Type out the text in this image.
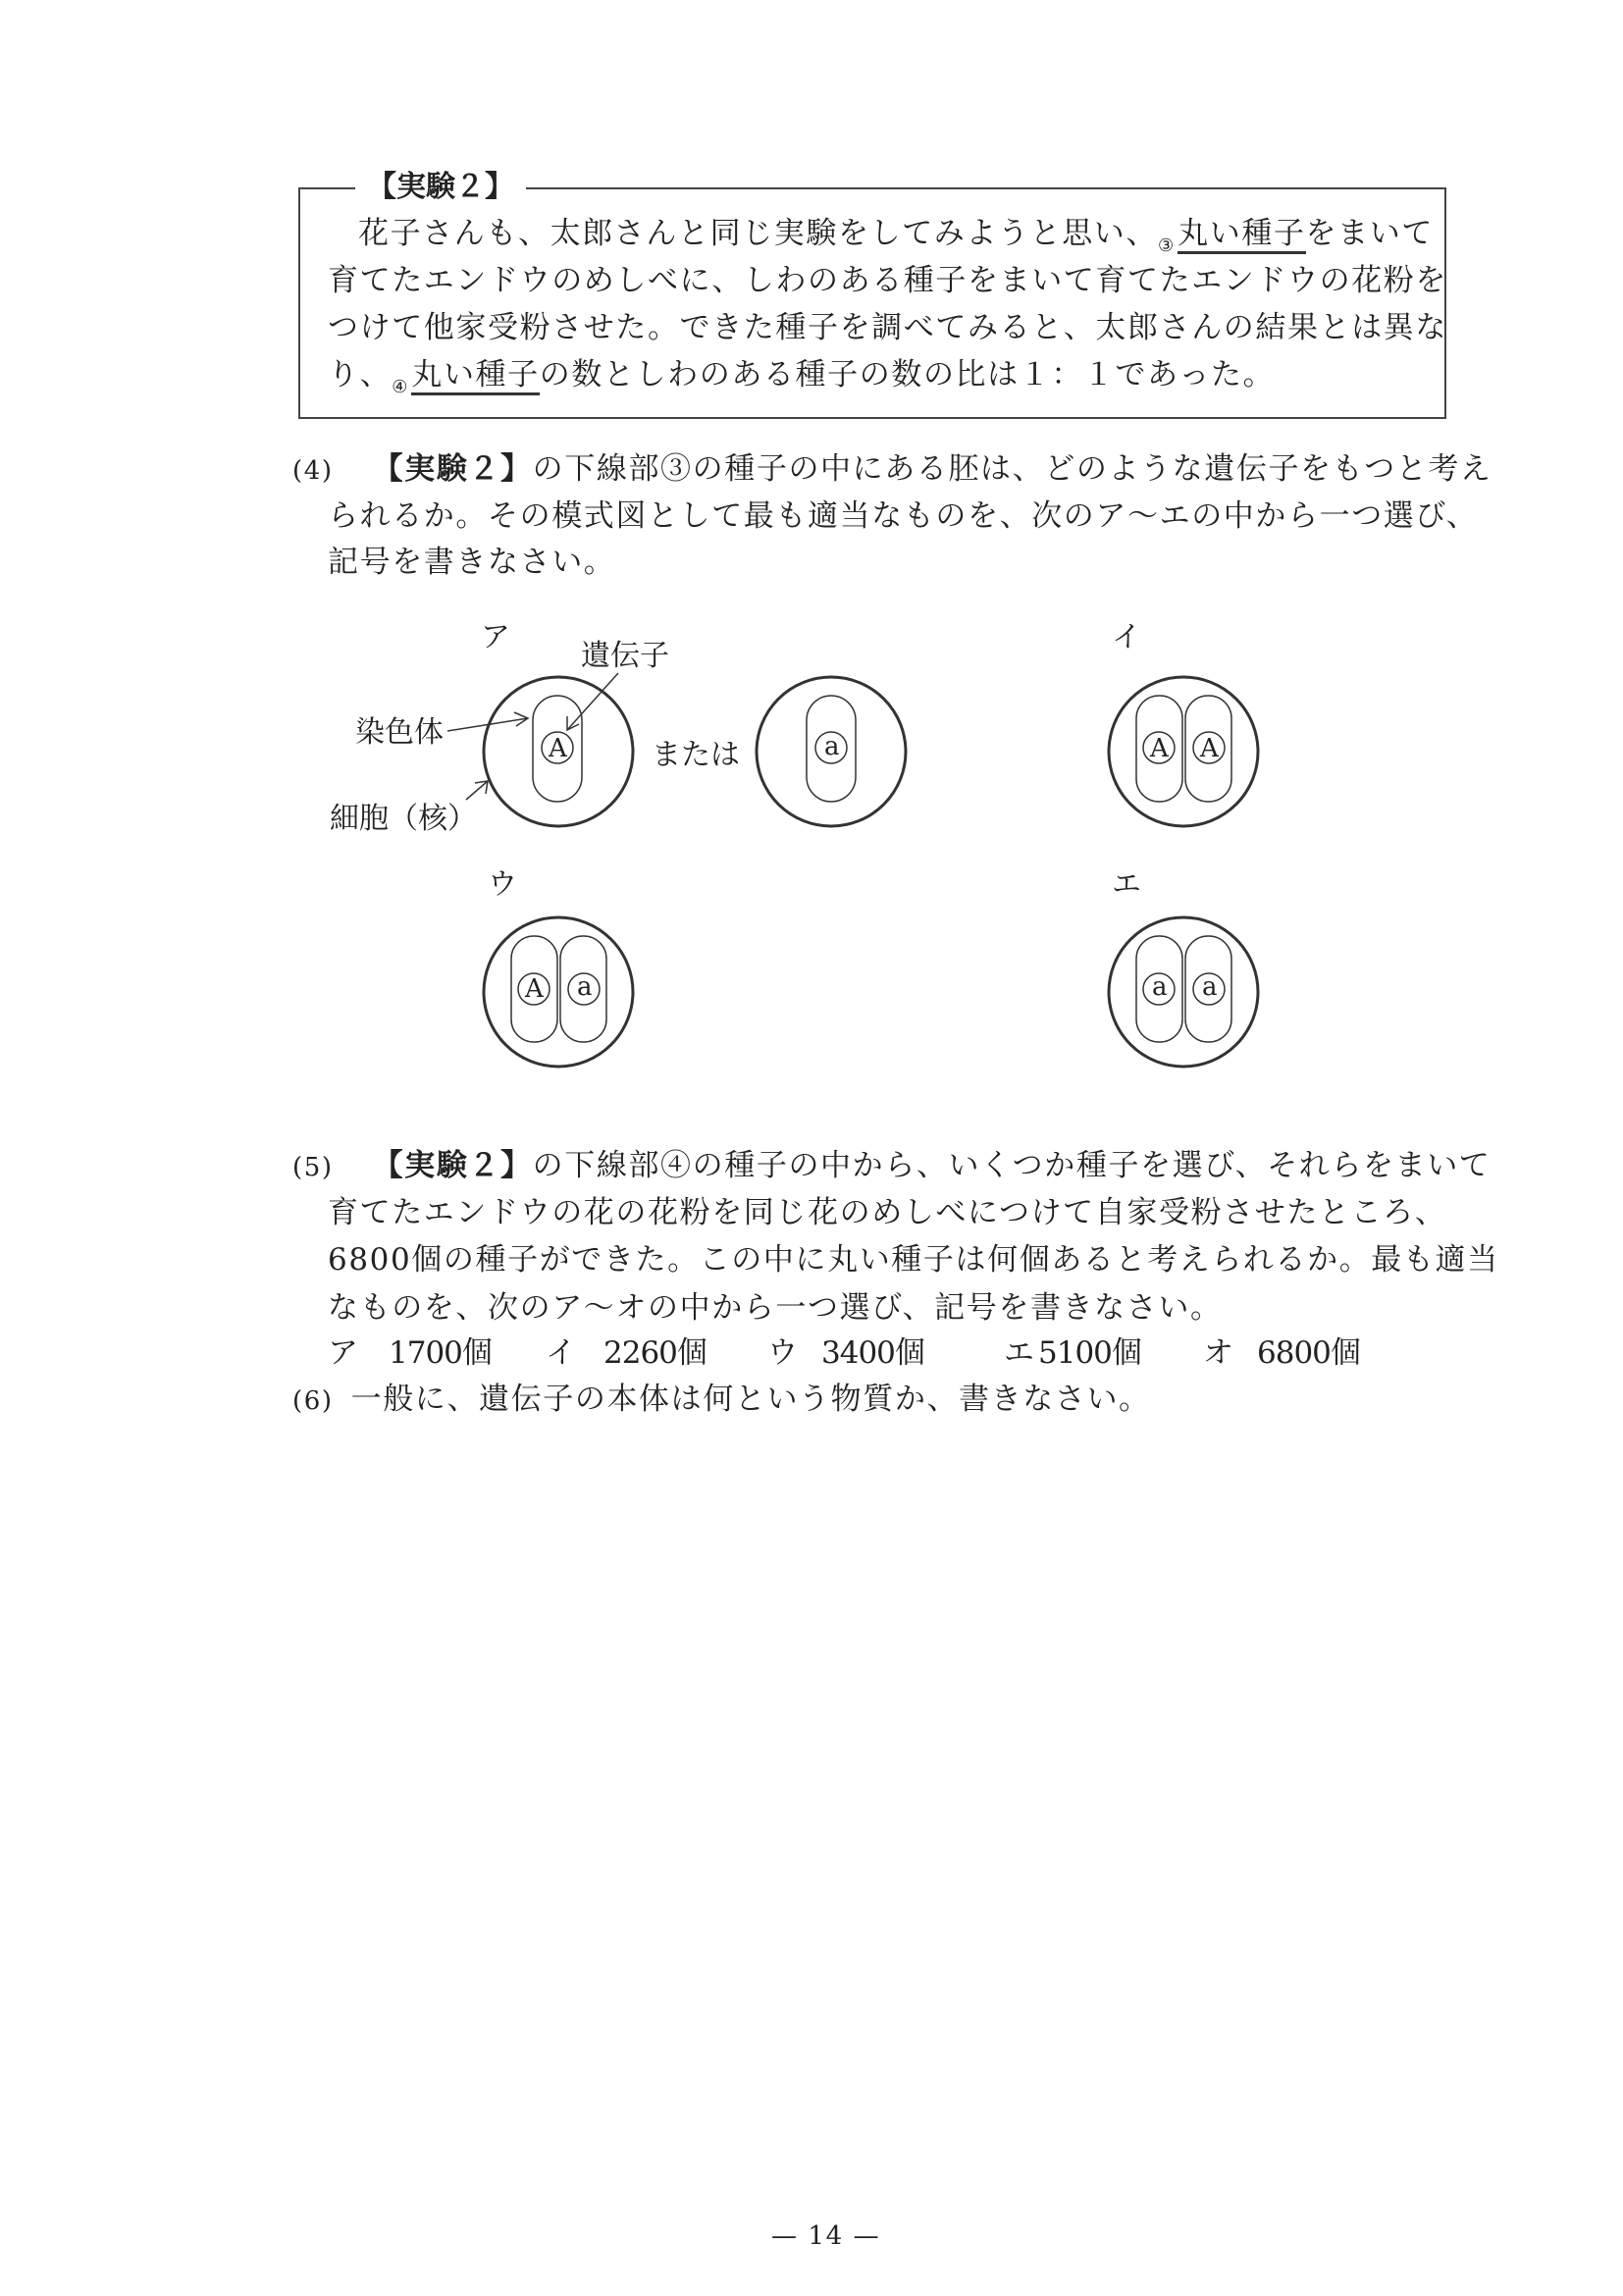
【実験２】
花子さんも、太郎さんと同じ実験をしてみようと思い、$_③$ 丸い種子をまいて
育てたエンドウのめしべに、しわのある種子をまいて育てたエンドウの花粉を
つけて他家受粉させた。できた種子を調べてみると、太郎さんの結果とは異な
り、$_④$ 丸い種子の数としわのある種子の数の比は１：１であった。
(4) 【実験２】の下線部③の種子の中にある胚は、どのような遺伝子をもつと考え
られるか。その模式図として最も適当なものを、次のア～エの中から一つ選び、
記号を書きなさい。
ア	イ
ウ	エ
遺伝子
染色体
細胞（核）
または
A	a	A A
A a	a a
(5) 【実験２】の下線部④の種子の中から、いくつか種子を選び、それらをまいて
育てたエンドウの花の花粉を同じ花のめしべにつけて自家受粉させたところ、
6800個の種子ができた。この中に丸い種子は何個あると考えられるか。最も適当
なものを、次のア～オの中から一つ選び、記号を書きなさい。
ア 1700個 イ 2260個 ウ 3400個	エ 5100個 オ 6800個
(6) 一般に、遺伝子の本体は何という物質か、書きなさい。
— 14 —
